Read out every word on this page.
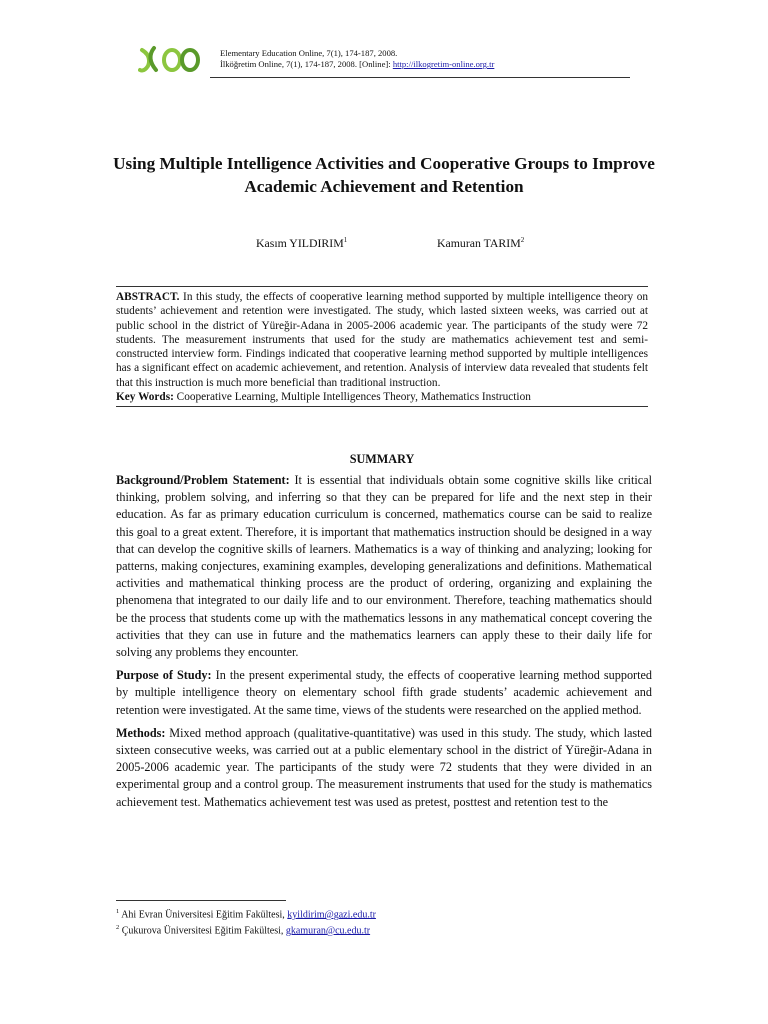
Elementary Education Online, 7(1), 174-187, 2008.
İlköğretim Online, 7(1), 174-187, 2008. [Online]: http://ilkogretim-online.org.tr
Using Multiple Intelligence Activities and Cooperative Groups to Improve Academic Achievement and Retention
Kasım YILDIRIM$^1$	Kamuran TARIM$^2$

ABSTRACT. In this study, the effects of cooperative learning method supported by multiple intelligence theory on students’ achievement and retention were investigated. The study, which lasted sixteen weeks, was carried out at public school in the district of Yüreğir-Adana in 2005-2006 academic year. The participants of the study were 72 students. The measurement instruments that used for the study are mathematics achievement test and semi-constructed interview form. Findings indicated that cooperative learning method supported by multiple intelligences has a significant effect on academic achievement, and retention. Analysis of interview data revealed that students felt that this instruction is much more beneficial than traditional instruction.

Key Words: Cooperative Learning, Multiple Intelligences Theory, Mathematics Instruction

SUMMARY

Background/Problem Statement: It is essential that individuals obtain some cognitive skills like critical thinking, problem solving, and inferring so that they can be prepared for life and the next step in their education. As far as primary education curriculum is concerned, mathematics course can be said to realize this goal to a great extent. Therefore, it is important that mathematics instruction should be designed in a way that can develop the cognitive skills of learners. Mathematics is a way of thinking and analyzing; looking for patterns, making conjectures, examining examples, developing generalizations and definitions. Mathematical activities and mathematical thinking process are the product of ordering, organizing and explaining the phenomena that integrated to our daily life and to our environment. Therefore, teaching mathematics should be the process that students come up with the mathematics lessons in any mathematical concept covering the activities that they can use in future and the mathematics learners can apply these to their daily life for solving any problems they encounter.

Purpose of Study: In the present experimental study, the effects of cooperative learning method supported by multiple intelligence theory on elementary school fifth grade students’ academic achievement and retention were investigated. At the same time, views of the students were researched on the applied method.

Methods: Mixed method approach (qualitative-quantitative) was used in this study. The study, which lasted sixteen consecutive weeks, was carried out at a public elementary school in the district of Yüreğir-Adana in 2005-2006 academic year. The participants of the study were 72 students that they were divided in an experimental group and a control group. The measurement instruments that used for the study is mathematics achievement test. Mathematics achievement test was used as pretest, posttest and retention test to the

$^1$ Ahi Evran Üniversitesi Eğitim Fakültesi, kyildirim@gazi.edu.tr
$^2$ Çukurova Üniversitesi Eğitim Fakültesi, gkamuran@cu.edu.tr
